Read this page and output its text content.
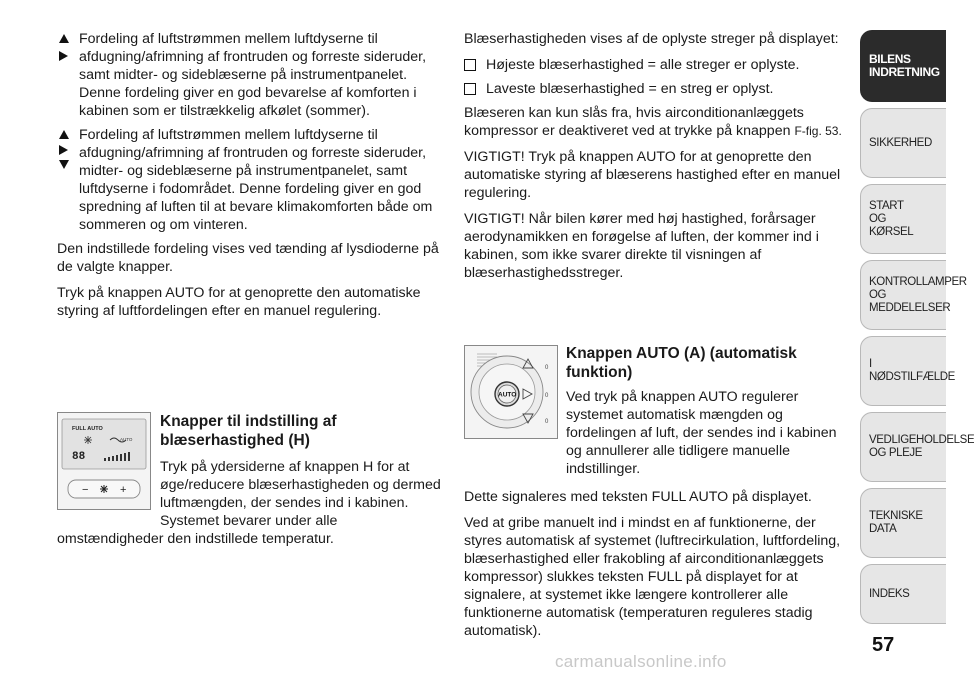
Fordeling af luftstrømmen mellem luftdyserne til afdugning/afrimning af frontruden og forreste sideruder, samt midter- og sideblæserne på instrumentpanelet. Denne fordeling giver en god bevarelse af komforten i kabinen som er tilstrækkelig afkølet (sommer).
Fordeling af luftstrømmen mellem luftdyserne til afdugning/afrimning af frontruden og forreste sideruder, midter- og sideblæserne på instrumentpanelet, samt luftdyserne i fodområdet. Denne fordeling giver en god spredning af luften til at bevare klimakomforten både om sommeren og om vinteren.

Den indstillede fordeling vises ved tænding af lysdioderne på de valgte knapper.

Tryk på knappen AUTO for at genoprette den automatiske styring af luftfordelingen efter en manuel regulering.

FULL AUTO
AUTO
88
−	+
Knapper til indstilling af blæserhastighed (H)

Tryk på ydersiderne af knappen H for at øge/reducere blæserhastigheden og dermed luftmængden, der sendes ind i kabinen. Systemet bevarer under alle omstændigheder den indstillede temperatur.

Blæserhastigheden vises af de oplyste streger på displayet:

Højeste blæserhastighed = alle streger er oplyste.
Laveste blæserhastighed = en streg er oplyst.

Blæseren kan kun slås fra, hvis airconditionanlæggets kompressor er deaktiveret ved at trykke på knappen F-fig. 53.

VIGTIGT! Tryk på knappen AUTO for at genoprette den automatiske styring af blæserens hastighed efter en manuel regulering.

VIGTIGT! Når bilen kører med høj hastighed, forårsager aerodynamikken en forøgelse af luften, der kommer ind i kabinen, som ikke svarer direkte til visningen af blæserhastighedsstreger.

0
0
0
AUTO
Knappen AUTO (A) (automatisk funktion)

Ved tryk på knappen AUTO regulerer systemet automatisk mængden og fordelingen af luft, der sendes ind i kabinen og annullerer alle tidligere manuelle indstillinger.

Dette signaleres med teksten FULL AUTO på displayet.

Ved at gribe manuelt ind i mindst en af funktionerne, der styres automatisk af systemet (luftrecirkulation, luftfordeling, blæserhastighed eller frakobling af airconditionanlæggets kompressor) slukkes teksten FULL på displayet for at signalere, at systemet ikke længere kontrollerer alle funktionerne automatisk (temperaturen reguleres stadig automatisk).

BILENS INDRETNING
SIKKERHED
START OG KØRSEL
KONTROLLAMPER OG MEDDELELSER
I NØDSTILFÆLDE
VEDLIGEHOLDELSE OG PLEJE
TEKNISKE DATA
INDEKS
57
carmanualsonline.info
